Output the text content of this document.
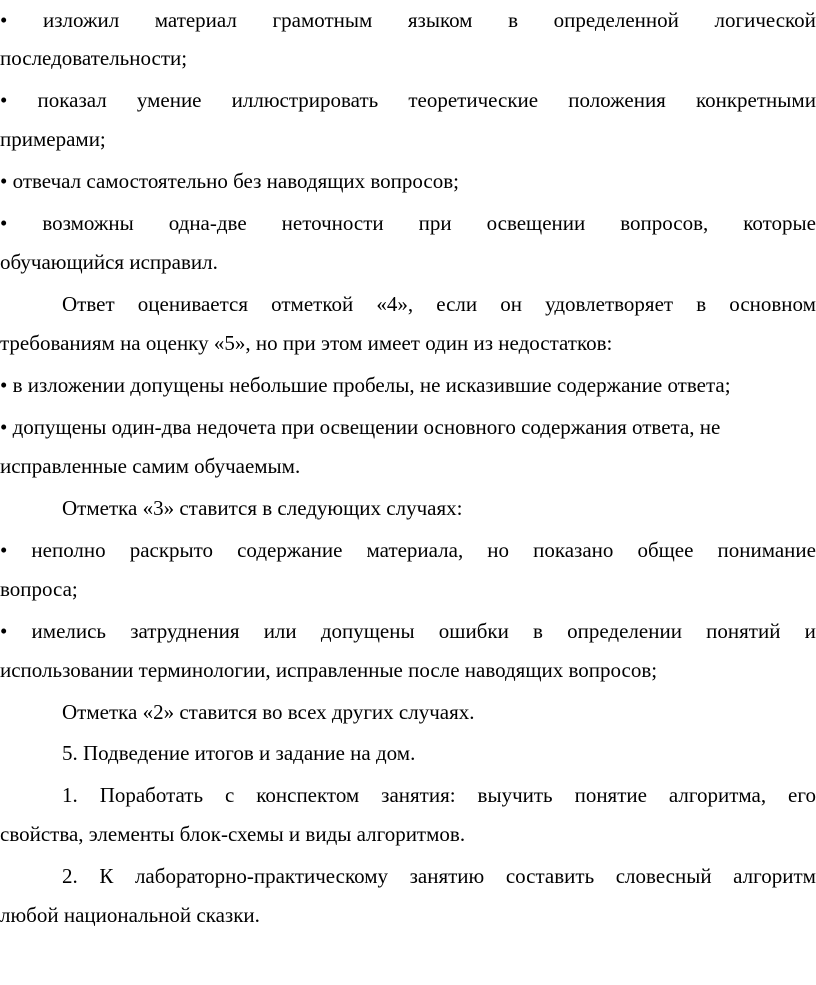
• изложил материал грамотным языком в определенной логической
последовательности;
• показал умение иллюстрировать теоретические положения конкретными
примерами;
• отвечал самостоятельно без наводящих вопросов;
• возможны одна-две неточности при освещении вопросов, которые
обучающийся исправил.
Ответ оценивается отметкой «4», если он удовлетворяет в основном
требованиям на оценку «5», но при этом имеет один из недостатков:
• в изложении допущены небольшие пробелы, не исказившие содержание ответа;
• допущены один-два недочета при освещении основного содержания ответа, не
исправленные самим обучаемым.
Отметка «3» ставится в следующих случаях:
• неполно раскрыто содержание материала, но показано общее понимание
вопроса;
• имелись затруднения или допущены ошибки в определении понятий и
использовании терминологии, исправленные после наводящих вопросов;
Отметка «2» ставится во всех других случаях.
5. Подведение итогов и задание на дом.
1. Поработать с конспектом занятия: выучить понятие алгоритма, его
свойства, элементы блок-схемы и виды алгоритмов.
2. К лабораторно-практическому занятию составить словесный алгоритм
любой национальной сказки.
